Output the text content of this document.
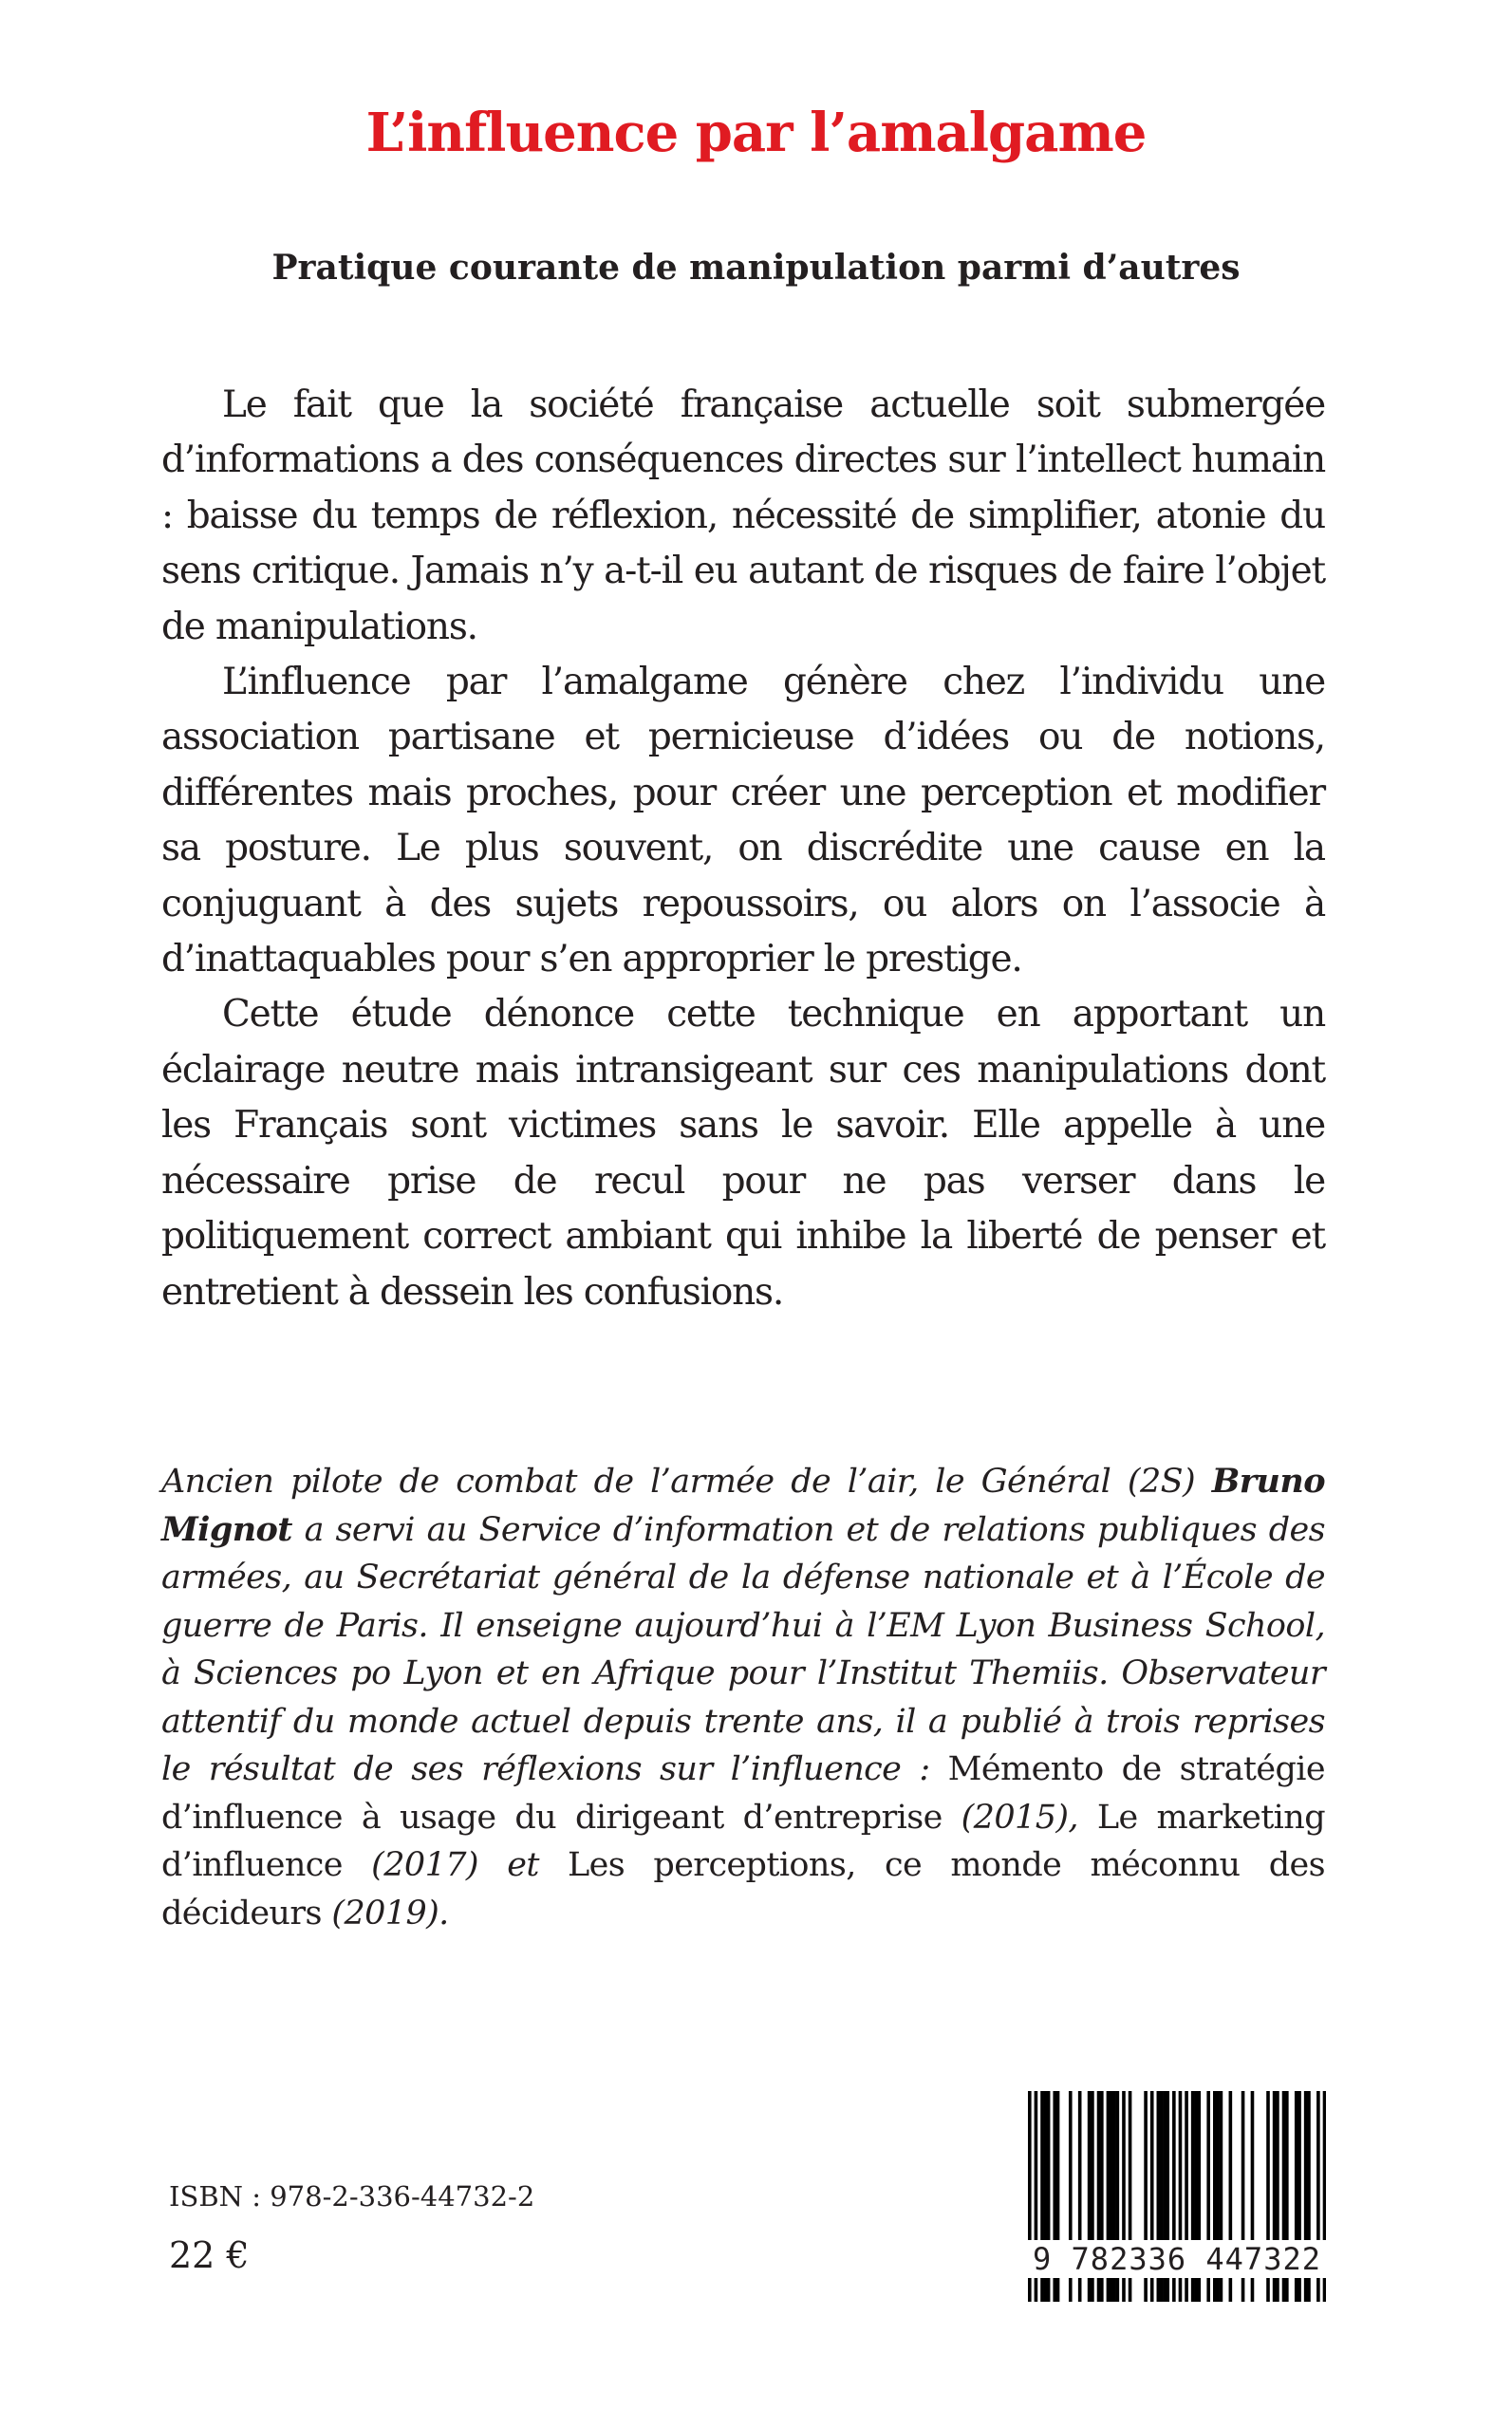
L’influence par l’amalgame
Pratique courante de manipulation parmi d’autres

Le fait que la société française actuelle soit submergée d’informations a des conséquences directes sur l’intellect humain : baisse du temps de réflexion, nécessité de simplifier, atonie du sens critique. Jamais n’y a-t-il eu autant de risques de faire l’objet de manipulations.

L’influence par l’amalgame génère chez l’individu une association partisane et pernicieuse d’idées ou de notions, différentes mais proches, pour créer une perception et modifier sa posture. Le plus souvent, on discrédite une cause en la conjuguant à des sujets repoussoirs, ou alors on l’associe à d’inattaquables pour s’en approprier le prestige.

Cette étude dénonce cette technique en apportant un éclairage neutre mais intransigeant sur ces manipulations dont les Français sont victimes sans le savoir. Elle appelle à une nécessaire prise de recul pour ne pas verser dans le politiquement correct ambiant qui inhibe la liberté de penser et entretient à dessein les confusions.

Ancien pilote de combat de l’armée de l’air, le Général (2S) Bruno Mignot a servi au Service d’information et de relations publiques des armées, au Secrétariat général de la défense nationale et à l’École de guerre de Paris. Il enseigne aujourd’hui à l’EM Lyon Business School, à Sciences po Lyon et en Afrique pour l’Institut Themiis. Observateur attentif du monde actuel depuis trente ans, il a publié à trois reprises le résultat de ses réflexions sur l’influence : Mémento de stratégie d’influence à usage du dirigeant d’entreprise (2015), Le marketing d’influence (2017) et Les perceptions, ce monde méconnu des décideurs (2019).

ISBN : 978-2-336-44732-2
22 €	9 782336 447322
